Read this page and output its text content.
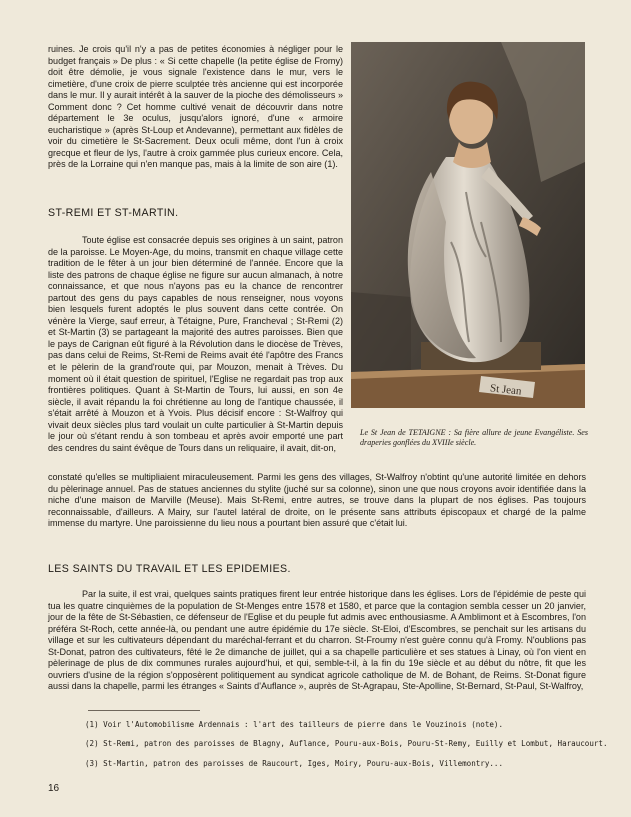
ruines. Je crois qu'il n'y a pas de petites économies à négliger pour le budget français » De plus : « Si cette chapelle (la petite église de Fromy) doit être démolie, je vous signale l'existence dans le mur, vers le cimetière, d'une croix de pierre sculptée très ancienne qui est incorporée dans le mur. Il y aurait intérêt à la sauver de la pioche des démolisseurs » Comment donc ? Cet homme cultivé venait de découvrir dans notre département le 3e oculus, jusqu'alors ignoré, d'une « armoire eucharistique » (après St-Loup et Andevanne), permettant aux fidèles de voir du cimetière le St-Sacrement. Deux oculi même, dont l'un à croix grecque et fleur de lys, l'autre à croix gammée plus curieux encore. Cela, près de la Lorraine qui n'en manque pas, mais à la limite de son aire (1).

ST-REMI ET ST-MARTIN.

Toute église est consacrée depuis ses origines à un saint, patron de la paroisse. Le Moyen-Age, du moins, transmit en chaque village cette tradition de le fêter à un jour bien déterminé de l'année. Encore que la liste des patrons de chaque église ne figure sur aucun almanach, à notre connaissance, et que nous n'ayons pas eu la chance de rencontrer partout des gens du pays capables de nous renseigner, nous voyons bien lesquels furent adoptés le plus souvent dans cette contrée. On vénère la Vierge, sauf erreur, à Tétaigne, Pure, Francheval ; St-Remi (2) et St-Martin (3) se partageant la majorité des autres paroisses. Bien que le pays de Carignan eût figuré à la Révolution dans le diocèse de Trèves, pas dans celui de Reims, St-Remi de Reims avait été l'apôtre des Francs et le pèlerin de la grand'route qui, par Mouzon, menait à Trèves. Du moment où il était question de spirituel, l'Eglise ne regardait pas trop aux frontières politiques. Quant à St-Martin de Tours, lui aussi, en son 4e siècle, il avait répandu la foi chrétienne au long de l'antique chaussée, il s'était arrêté à Mouzon et à Yvois. Plus décisif encore : St-Walfroy qui vivait deux siècles plus tard voulait un culte particulier à St-Martin depuis le jour où s'étant rendu à son tombeau et après avoir emporté une part des cendres du saint évêque de Tours dans un reliquaire, il avait, dit-on,

St Jean

Le St Jean de TETAIGNE : Sa fière allure de jeune Evangéliste. Ses draperies gonflées du XVIIIe siècle.

constaté qu'elles se multipliaient miraculeusement. Parmi les gens des villages, St-Walfroy n'obtint qu'une autorité limitée en dehors du pèlerinage annuel. Pas de statues anciennes du stylite (juché sur sa colonne), sinon une que nous croyons avoir identifiée dans la niche d'une maison de Marville (Meuse). Mais St-Remi, entre autres, se trouve dans la plupart de nos églises. Pas toujours reconnaissable, d'ailleurs. A Mairy, sur l'autel latéral de droite, on le présente sans attributs épiscopaux et chargé de la palme immense du martyre. Une paroissienne du lieu nous a pourtant bien assuré que c'était lui.

LES SAINTS DU TRAVAIL ET LES EPIDEMIES.

Par la suite, il est vrai, quelques saints pratiques firent leur entrée historique dans les églises. Lors de l'épidémie de peste qui tua les quatre cinquièmes de la population de St-Menges entre 1578 et 1580, et parce que la contagion sembla cesser un 20 janvier, jour de la fête de St-Sébastien, ce défenseur de l'Eglise et du peuple fut admis avec enthousiasme. A Amblimont et à Escombres, l'on préféra St-Roch, cette année-là, ou pendant une autre épidémie du 17e siècle. St-Eloi, d'Escombres, se penchait sur les artisans du village et sur les cultivateurs dépendant du maréchal-ferrant et du charron. St-Froumy n'est guère connu qu'à Fromy. N'oublions pas St-Donat, patron des cultivateurs, fêté le 2e dimanche de juillet, qui a sa chapelle particulière et ses statues à Linay, où l'on vient en pèlerinage de plus de dix communes rurales aujourd'hui, et qui, semble-t-il, à la fin du 19e siècle et au début du nôtre, fit que les ouvriers d'usine de la région s'opposèrent politiquement au syndicat agricole catholique de M. de Bohant, de Reims. St-Donat figure aussi dans la chapelle, parmi les étranges « Saints d'Auflance », auprès de St-Agrapau, Ste-Apolline, St-Bernard, St-Paul, St-Walfroy,

(1) Voir l'Automobilisme Ardennais : l'art des tailleurs de pierre dans le Vouzinois (note).
(2) St-Remi, patron des paroisses de Blagny, Auflance, Pouru-aux-Bois, Pouru-St-Remy, Euilly et Lombut, Haraucourt.
(3) St-Martin, patron des paroisses de Raucourt, Iges, Moiry, Pouru-aux-Bois, Villemontry...
16
